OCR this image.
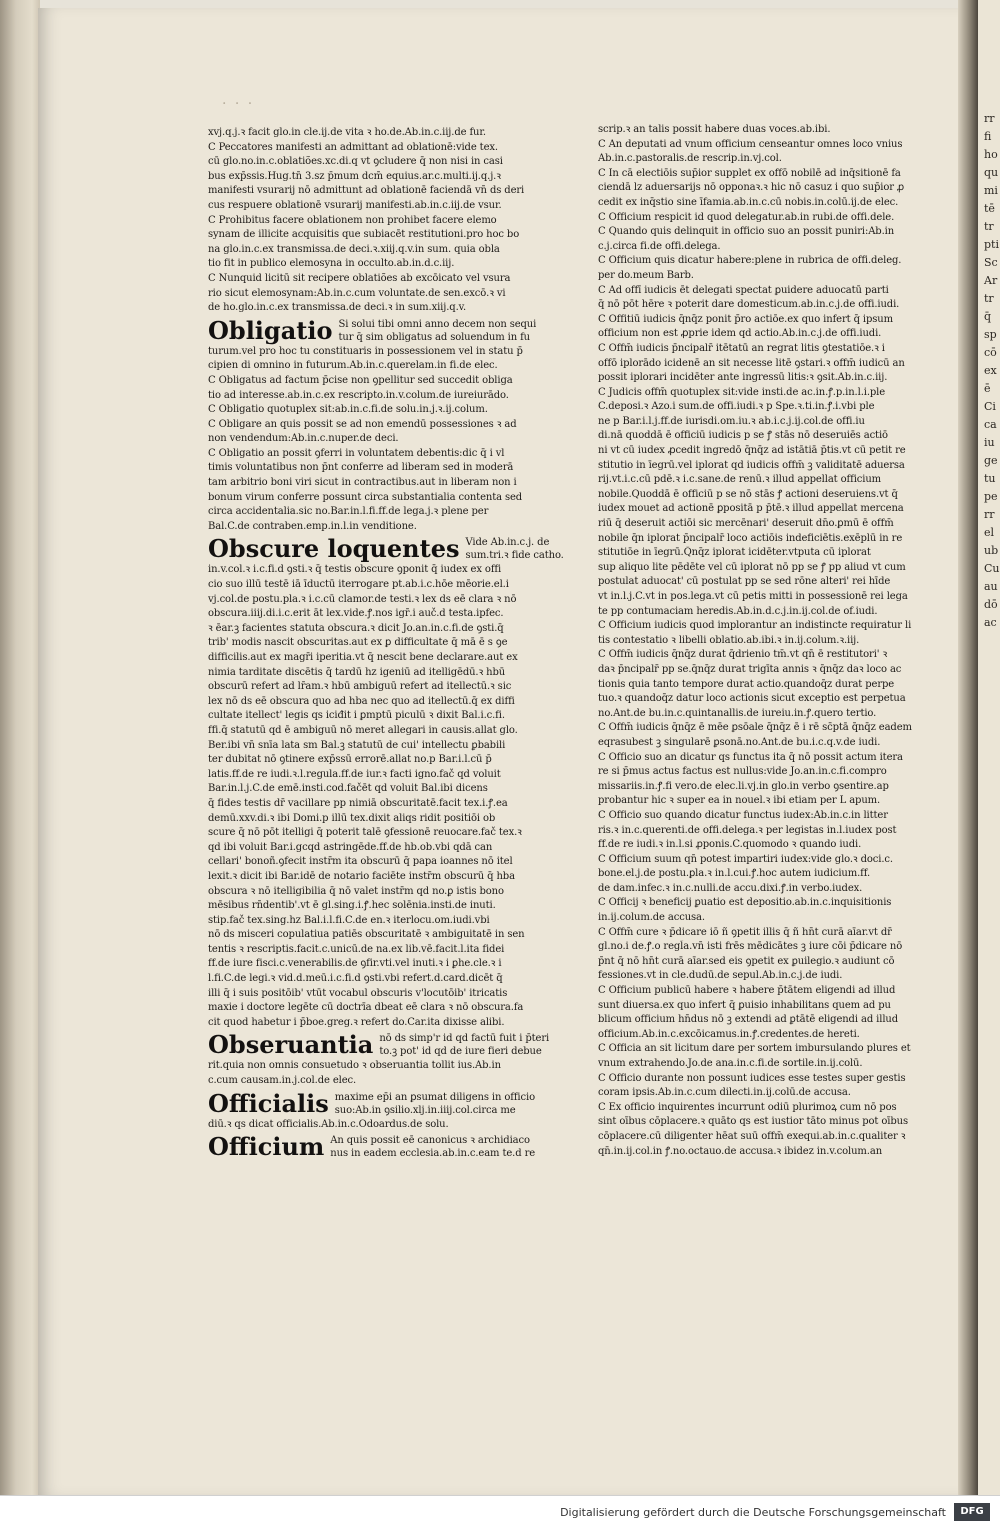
rr
fi
ho
qu
mi
tē
tr
pti
Sc
Ar
tr
q̄
sp
cō
ex
ē
Ci
ca
iu
ge
tu
pe
rr
el
ub
Cu
au
dō
ac
· · ·
xvj.q.j.ꝛ facit glo.in cle.ij.de vita ꝛ ho.de.Ab.in.c.iij.de fur.
C Peccatores manifesti an admittant ad oblationē:vide tex.
cū glo.no.in.c.oblatiões.xc.di.q vt ꝯcludere q̄ non nisi in casi
bus exp̄ssis.Hug.tn̄ 3.sz p̄mum dcm̄ equius.ar.c.multi.ij.q.j.ꝛ
manifesti vsurarij nō admittunt ad oblationē faciendā vn̄ ds deri
cus respuere oblationē vsurarij manifesti.ab.in.c.iij.de vsur.
C Prohibitus facere oblationem non prohibet facere elemo
synam de illicite acquisitis que subiacēt restitutioni.pro hoc bo
na glo.in.c.ex transmissa.de deci.ꝛ.xiij.q.v.in sum. quia obla
tio fit in publico elemosyna in occulto.ab.in.d.c.iij.
C Nunquid licitū sit recipere oblatiões ab excōicato vel vsura
rio sicut elemosynam:Ab.in.c.cum voluntate.de sen.excō.ꝛ vi
de ho.glo.in.c.ex transmissa.de deci.ꝛ in sum.xiij.q.v.
Obligatio Si solui tibi omni anno decem non sequi
tur q̄ sim obligatus ad soluendum in fu
turum.vel pro hoc tu constituaris in possessionem vel in statu p̄
cipien di omnino in futurum.Ab.in.c.querelam.in fi.de elec.
C Obligatus ad factum p̄cise non ꝯpellitur sed succedit obliga
tio ad interesse.ab.in.c.ex rescripto.in.v.colum.de iureiurādo.
C Obligatio quotuplex sit:ab.in.c.fi.de solu.in.j.ꝛ.ij.colum.
C Obligare an quis possit se ad non emendū possessiones ꝛ ad
non vendendum:Ab.in.c.nuper.de deci.
C Obligatio an possit ꝯferri in voluntatem debentis:dic q̄ i vl
timis voluntatibus non p̄nt conferre ad liberam sed in moderā
tam arbitrio boni viri sicut in contractibus.aut in liberam non i
bonum virum conferre possunt circa substantialia contenta sed
circa accidentalia.sic no.Bar.in.l.fi.ff.de lega.j.ꝛ plene per
Bal.C.de contraben.emp.in.l.in venditione.
Obscure loquentes Vide Ab.in.c.j. de
sum.tri.ꝛ fide catho.
in.v.col.ꝛ i.c.fi.d ꝯsti.ꝛ q̄ testis obscure ꝯponit q̄ iudex ex offi
cio suo illū testē iā īductū iterrogare pt.ab.i.c.hōe mēorie.el.i
vj.col.de postu.pla.ꝛ i.c.cū clamor.de testi.ꝛ lex ds eē clara ꝛ nō
obscura.iiij.di.i.c.erit āt lex.vide.ꝭ.nos igr̄.i auč.d testa.ipfec.
ꝛ ēar.ꝫ facientes statuta obscura.ꝛ dicit Jo.an.in.c.fi.de ꝯsti.q̄
trib' modis nascit obscuritas.aut ex ꝑ difficultate q̄ mā ē s ꝯe
difficilis.aut ex magr̄i iperitia.vt q̄ nescit bene declarare.aut ex
nimia tarditate discētis q̄ tardū hz igeniū ad itelligēdū.ꝛ hbū
obscurū refert ad lr̄am.ꝛ hbū ambiguū refert ad itellectū.ꝛ sic
lex nō ds eē obscura quo ad hba nec quo ad itellectū.q̄ ex diffi
cultate itellect' legis qs iciđit i ꝑmptū piculū ꝛ dixit Bal.i.c.fi.
ffi.q̄ statutū qd ē ambiguū nō meret allegari in causis.allat glo.
Ber.ibi vn̄ snīa lata sm Bal.ꝫ statutū de cui' intellectu ꝑbabili
ter dubitat nō ꝯtinere exp̄ssū errorē.allat no.p Bar.i.l.cū p̄
latis.ff.de re iudi.ꝛ.l.regula.ff.de iur.ꝛ facti igno.fač qd voluit
Bar.in.l.j.C.de emē.insti.cod.fačēt qd voluit Bal.ibi dicens
q̄ fides testis dr̄ vacillare pp nimiā obscuritatē.facit tex.i.ꝭ.ea
demū.xxv.di.ꝛ ibi Domi.p illū tex.dixit aliqs ridit positiōi ob
scure q̄ nō pōt itelligi q̄ poterit talē ꝯfessionē reuocare.fač tex.ꝛ
qd ibi voluit Bar.i.gcqd astringēde.ff.de hb.ob.vbi qdā can
cellari' bonoñ.ꝯfecit instr̄m ita obscurū q̄ papa ioannes nō itel
lexit.ꝛ dicit ibi Bar.idē de notario faciēte instr̄m obscurū q̄ hba
obscura ꝛ nō itelligibilia q̄ nō valet instr̄m qd no.ꝑ istis bono
mēsibus rn̄dentib'.vt ē gl.sing.i.ꝭ.hec solēnia.insti.de inuti.
stip.fač tex.sing.hz Bal.i.l.fi.C.de en.ꝛ iterlocu.om.iudi.vbi
nō ds misceri copulatiua patiēs obscuritatē ꝛ ambiguitatē in sen
tentis ꝛ rescriptis.facit.c.unicū.de na.ex lib.vē.facit.l.ita fidei
ff.de iure fisci.c.venerabilis.de ꝯfir.vti.vel inuti.ꝛ i ꝑhe.cle.ꝛ i
l.fi.C.de legi.ꝛ vid.d.meū.i.c.fi.d ꝯsti.vbi refert.d.card.dicēt q̄
illi q̄ i suis positōib' vtūt vocabul obscuris v'locutōib' itricatis
maxie i doctore legēte cū doctrīa dbeat eē clara ꝛ nō obscura.fa
cit quod habetur i p̄boe.greg.ꝛ refert do.Car.ita dixisse alibi.
Obseruantia nō ds simp'r id qd factū fuit i p̄teri
to.ꝫ pot' id qd de iure fieri debue
rit.quia non omnis consuetudo ꝛ obseruantia tollit ius.Ab.in
c.cum causam.in.j.col.de elec.
Officialis maxime ep̄i an ꝑsumat diligens in officio
suo:Ab.in ꝯsilio.xlj.in.iiij.col.circa me
diū.ꝛ qs dicat officialis.Ab.in.c.Odoardus.de solu.
Officium An quis possit eē canonicus ꝛ archidiaco
nus in eadem ecclesia.ab.in.c.eam te.d re
scrip.ꝛ an talis possit habere duas voces.ab.ibi.
C An deputati ad vnum officium censeantur omnes loco vnius
Ab.in.c.pastoralis.de rescrip.in.vj.col.
C In cā electiōis sup̄ior supplet ex offō nobilē ad inq̄sitionē fa
ciendā lz aduersarijs nō opponaꝛ.ꝛ hic nō casuz i quo sup̄ior ꝓ
cedit ex inq̄stio sine īfamia.ab.in.c.cū nobis.in.colū.ij.de elec.
C Officium respicit id quod delegatur.ab.in rubi.de offi.dele.
C Quando quis delinquit in officio suo an possit puniri:Ab.in
c.j.circa fi.de offi.delega.
C Officium quis dicatur habere:plene in rubrica de offi.deleg.
per do.meum Barb.
C Ad offī iudicis ēt delegati spectat ꝑuidere aduocatū parti
q̄ nō pōt hēre ꝛ poterit dare domesticum.ab.in.c.j.de offi.iudi.
C Offitiū iudicis q̄nq̄z ponit p̄ro actiōe.ex quo infert q̄ ipsum
officium non est ꝓprie idem qd actio.Ab.in.c.j.de offi.iudi.
C Offm̄ iudicis p̄ncipalr̄ itētatū an regrat litis ꝯtestatiōe.ꝛ i
offō iplorādo icidenē an sit necesse litē ꝯstari.ꝛ offm̄ iudicū an
possit iplorari incidēter ante ingressū litis:ꝛ ꝯsit.Ab.in.c.iij.
C Judicis offm̄ quotuplex sit:vide insti.de ac.in.ꝭ.p.in.l.i.ple
C.deposi.ꝛ Azo.i sum.de offi.iudi.ꝛ p Spe.ꝛ.ti.in.ꝭ.i.vbi ple
ne p Bar.i.l.j.ff.de iurisdi.om.iu.ꝛ ab.i.c.j.ij.col.de offi.iu
di.nā quoddā ē officiū iudicis p se ꝭ stās nō deseruiēs actiō
ni vt cū iudex ꝓcedit ingredō q̄nq̄z ad istātiā p̄tis.vt cū petit re
stitutio in īegrū.vel iplorat qd iudicis offm̄ ꝫ validitatē aduersa
rij.vt.i.c.cū pdē.ꝛ i.c.sane.de renū.ꝛ illud appellat officium
nobile.Quoddā ē officiū p se nō stās ꝭ actioni deseruiens.vt q̄
iudex mouet ad actionē ꝑpositā p p̄tē.ꝛ illud appellat mercena
riū q̄ deseruit actiōi sic mercēnari' deseruit dn̄o.ꝑmū ē offm̄
nobile q̄n iplorat p̄ncipalr̄ loco actiōis indeficiētis.exēplū in re
stitutiōe in īegrū.Q̄nq̄z iplorat icidēter.vtputa cū iplorat
sup aliquo lite pēdēte vel cū iplorat nō pp se ꝭ pp aliud vt cum
postulat aduocat' cū postulat pp se sed rōne alteri' rei hīde
vt in.l.j.C.vt in pos.lega.vt cū petis mitti in possessionē rei lega
te pp contumaciam heredis.Ab.in.d.c.j.in.ij.col.de of.iudi.
C Officium iudicis quod implorantur an indistincte requiratur li
tis contestatio ꝛ libelli oblatio.ab.ibi.ꝛ in.ij.colum.ꝛ.iij.
C Offm̄ iudicis q̄nq̄z durat q̄drienio tm̄.vt qn̄ ē restitutori' ꝛ
daꝛ p̄ncipalr̄ pp se.q̄nq̄z durat trigīta annis ꝛ q̄nq̄z daꝛ loco ac
tionis quia tanto tempore durat actio.quandoq̄z durat perpe
tuo.ꝛ quandoq̄z datur loco actionis sicut exceptio est perpetua
no.Ant.de bu.in.c.quintanallis.de iureiu.in.ꝭ.quero tertio.
C Offm̄ iudicis q̄nq̄z ē mēe ꝑsōale q̄nq̄z ē i rē sc̄ptā q̄nq̄z eadem
eqrasubest ꝫ singularē ꝑsonā.no.Ant.de bu.i.c.q.v.de iudi.
C Officio suo an dicatur qs functus ita q̄ nō possit actum itera
re si p̄mus actus factus est nullus:vide Jo.an.in.c.fi.compro
missariis.in.ꝭ.fi vero.de elec.li.vj.in glo.in verbo ꝯsentire.ap
probantur hic ꝛ super ea in nouel.ꝛ ibi etiam per L apum.
C Officio suo quando dicatur functus iudex:Ab.in.c.in litter
ris.ꝛ in.c.querenti.de offi.delega.ꝛ per legistas in.l.iudex post
ff.de re iudi.ꝛ in.l.si ꝓponis.C.quomodo ꝛ quando iudi.
C Officium suum qn̄ potest impartiri iudex:vide glo.ꝛ doci.c.
bone.el.j.de postu.ꝑla.ꝛ in.l.cui.ꝭ.hoc autem iudicium.ff.
de dam.infec.ꝛ in.c.nulli.de accu.dixi.ꝭ.in verbo.iudex.
C Officij ꝛ beneficij ꝑuatio est depositio.ab.in.c.inquisitionis
in.ij.colum.de accusa.
C Offm̄ cure ꝛ p̄dicare iō ñ ꝯpetit illis q̄ ñ hn̄t curā aīar.vt dr̄
gl.no.i de.ꝭ.o regl̄a.vn̄ isti frēs mēdicātes ꝫ iure cōi p̄dicare nō
p̄nt q̄ nō hn̄t curā aīar.sed eis ꝯpetit ex ꝑuilegio.ꝛ audiunt cō
fessiones.vt in cle.dudū.de sepul.Ab.in.c.j.de iudi.
C Officium publicū habere ꝛ habere p̄tātem eligendi ad illud
sunt diuersa.ex quo infert q̄ ꝑuisio inhabilitans quem ad pu
blicum officium hn̄dus nō ꝫ extendi ad ꝑtātē eligendi ad illud
officium.Ab.in.c.excōicamus.in.ꝭ.credentes.de hereti.
C Officia an sit licitum dare per sortem imbursulando plures et
vnum extrahendo.Jo.de ana.in.c.fi.de sortile.in.ij.colū.
C Officio durante non possunt iudices esse testes super gestis
coram ipsis.Ab.in.c.cum dilecti.in.ij.colū.de accusa.
C Ex officio inquirentes incurrunt odiū plurimoꝝ cum nō pos
sint oībus cōplacere.ꝛ quāto qs est iustior tāto minus pot oībus
cōplacere.cū diligenter hēat suū offm̄ exequi.ab.in.c.qualiter ꝛ
qn̄.in.ij.col.in ꝭ.no.octauo.de accusa.ꝛ ibidez in.v.colum.an
Digitalisierung gefördert durch die Deutsche Forschungsgemeinschaft	DFG
